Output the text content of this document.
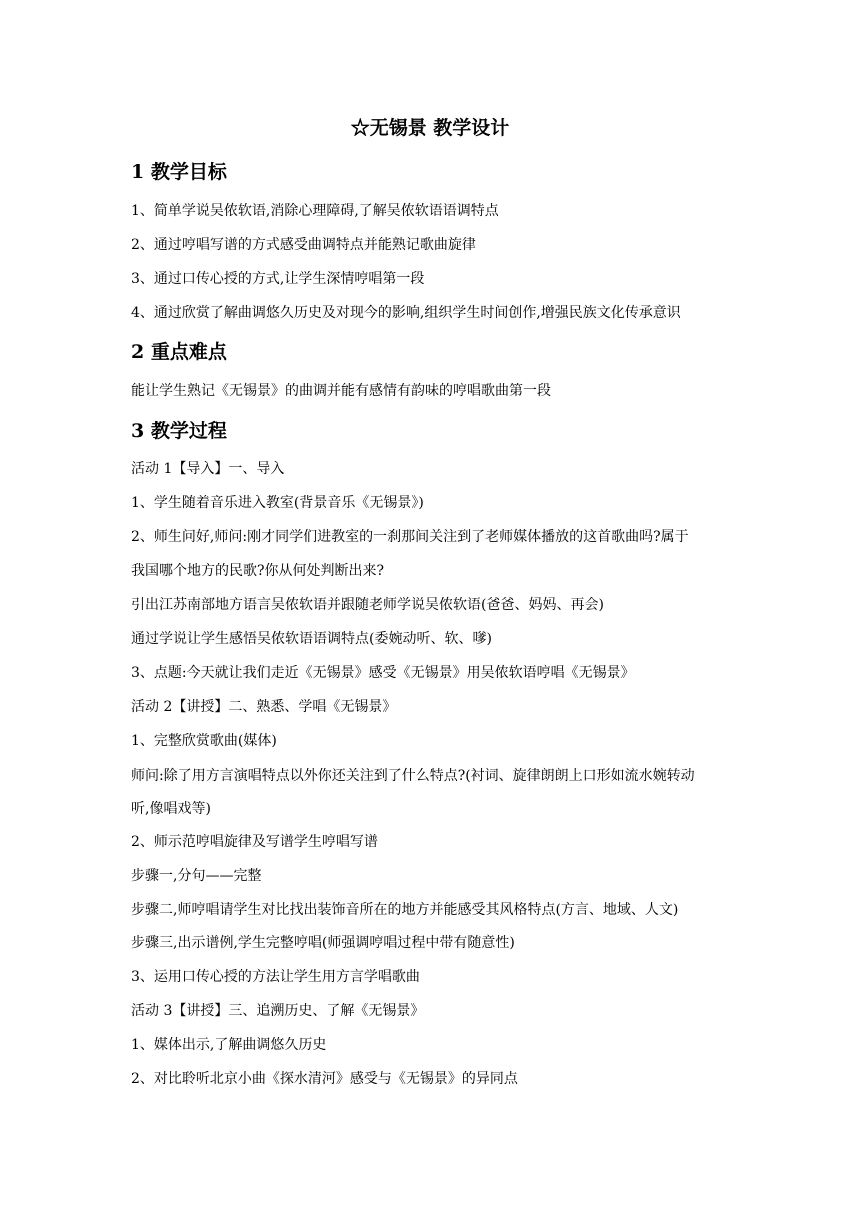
☆无锡景 教学设计
1 教学目标
1、简单学说吴侬软语,消除心理障碍,了解吴侬软语语调特点
2、通过哼唱写谱的方式感受曲调特点并能熟记歌曲旋律
3、通过口传心授的方式,让学生深情哼唱第一段
4、通过欣赏了解曲调悠久历史及对现今的影响,组织学生时间创作,增强民族文化传承意识
2 重点难点
能让学生熟记《无锡景》的曲调并能有感情有韵味的哼唱歌曲第一段
3 教学过程
活动 1【导入】一、导入
1、学生随着音乐进入教室(背景音乐《无锡景》)
2、师生问好,师问:刚才同学们进教室的一刹那间关注到了老师媒体播放的这首歌曲吗?属于
我国哪个地方的民歌?你从何处判断出来?
引出江苏南部地方语言吴侬软语并跟随老师学说吴侬软语(爸爸、妈妈、再会)
通过学说让学生感悟吴侬软语语调特点(委婉动听、软、嗲)
3、点题:今天就让我们走近《无锡景》感受《无锡景》用吴侬软语哼唱《无锡景》
活动 2【讲授】二、熟悉、学唱《无锡景》
1、完整欣赏歌曲(媒体)
师问:除了用方言演唱特点以外你还关注到了什么特点?(衬词、旋律朗朗上口形如流水婉转动
听,像唱戏等)
2、师示范哼唱旋律及写谱学生哼唱写谱
步骤一,分句——完整
步骤二,师哼唱请学生对比找出装饰音所在的地方并能感受其风格特点(方言、地域、人文)
步骤三,出示谱例,学生完整哼唱(师强调哼唱过程中带有随意性)
3、运用口传心授的方法让学生用方言学唱歌曲
活动 3【讲授】三、追溯历史、了解《无锡景》
1、媒体出示,了解曲调悠久历史
2、对比聆听北京小曲《探水清河》感受与《无锡景》的异同点
